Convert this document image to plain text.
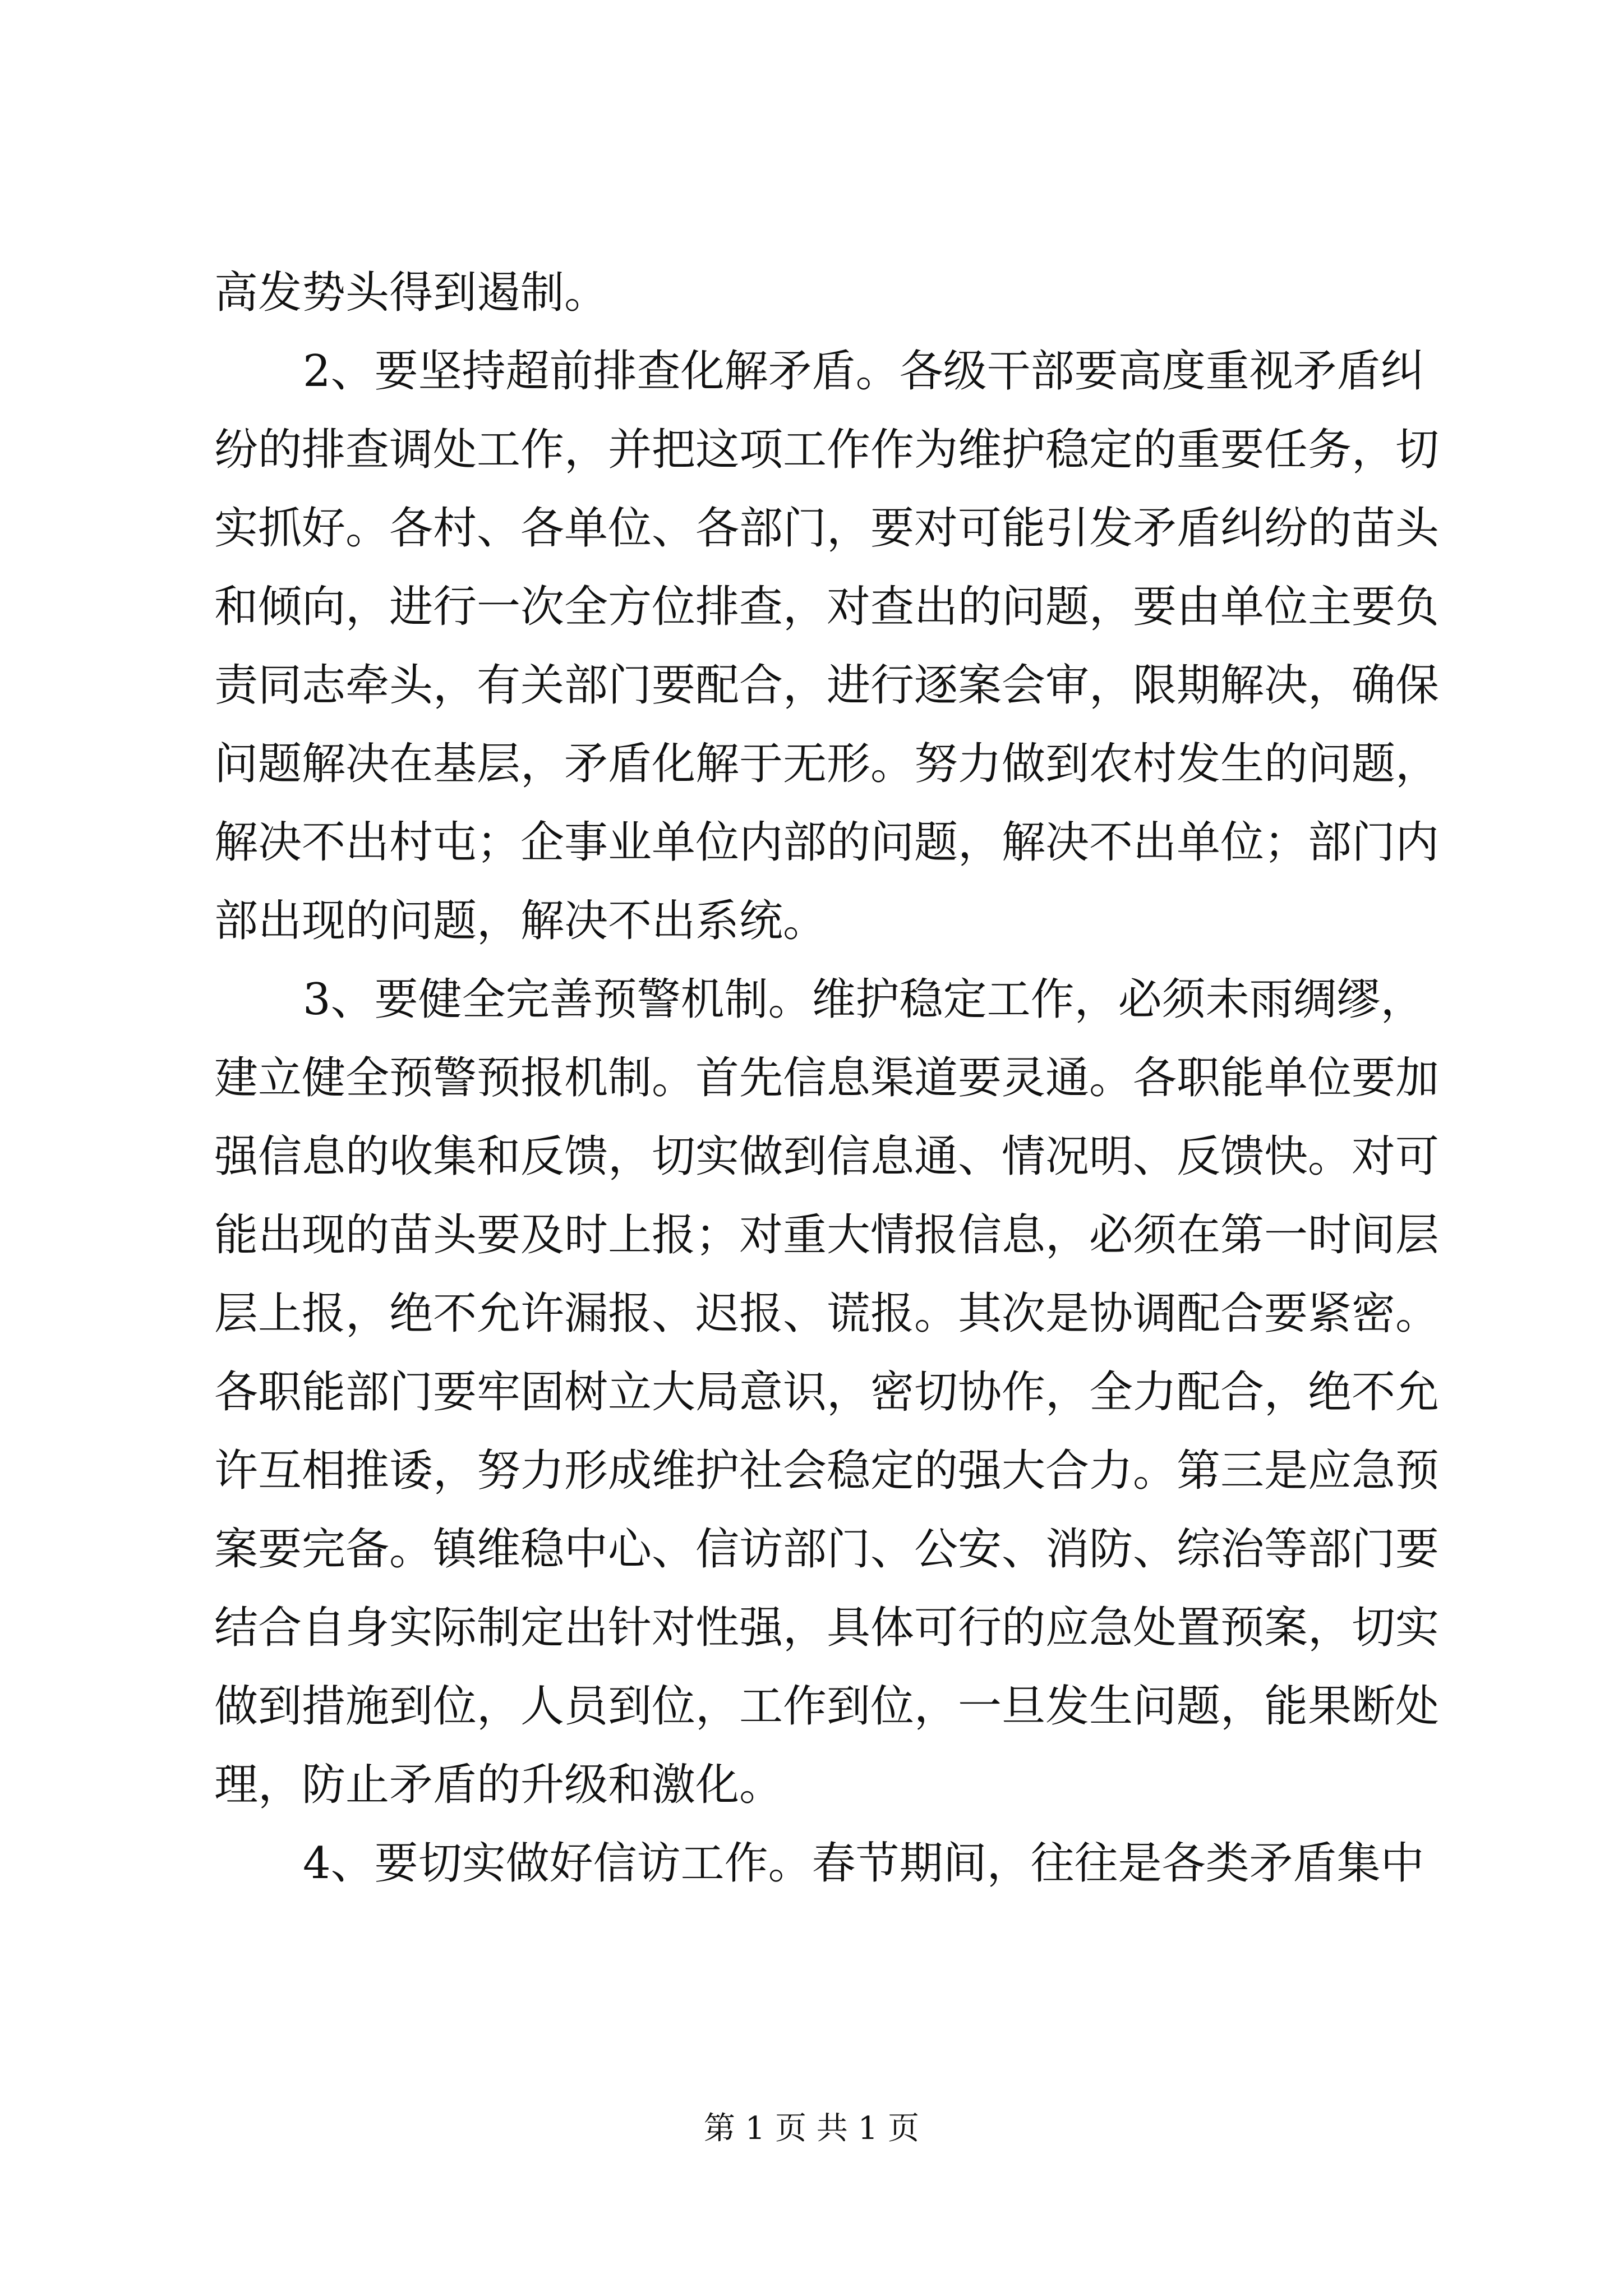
高发势头得到遏制。
2、要坚持超前排查化解矛盾。各级干部要高度重视矛盾纠
纷的排查调处工作，并把这项工作作为维护稳定的重要任务，切
实抓好。各村、各单位、各部门，要对可能引发矛盾纠纷的苗头
和倾向，进行一次全方位排查，对查出的问题，要由单位主要负
责同志牵头，有关部门要配合，进行逐案会审，限期解决，确保
问题解决在基层，矛盾化解于无形。努力做到农村发生的问题，
解决不出村屯；企事业单位内部的问题，解决不出单位；部门内
部出现的问题，解决不出系统。
3、要健全完善预警机制。维护稳定工作，必须未雨绸缪，
建立健全预警预报机制。首先信息渠道要灵通。各职能单位要加
强信息的收集和反馈，切实做到信息通、情况明、反馈快。对可
能出现的苗头要及时上报；对重大情报信息，必须在第一时间层
层上报，绝不允许漏报、迟报、谎报。其次是协调配合要紧密。
各职能部门要牢固树立大局意识，密切协作，全力配合，绝不允
许互相推诿，努力形成维护社会稳定的强大合力。第三是应急预
案要完备。镇维稳中心、信访部门、公安、消防、综治等部门要
结合自身实际制定出针对性强，具体可行的应急处置预案，切实
做到措施到位，人员到位，工作到位，一旦发生问题，能果断处
理，防止矛盾的升级和激化。
4、要切实做好信访工作。春节期间，往往是各类矛盾集中
第 1 页 共 1 页
